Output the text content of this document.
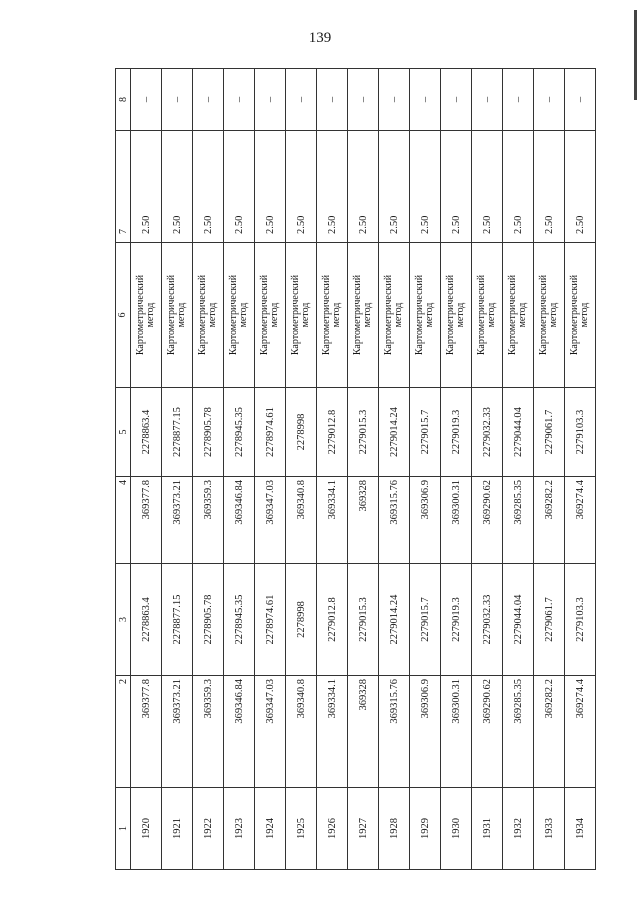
139
1	2	3	4	5	6	7	8
1920	369377.8	2278863.4	369377.8	2278863.4	Картометрический метод	2.50	–
1921	369373.21	2278877.15	369373.21	2278877.15	Картометрический метод	2.50	–
1922	369359.3	2278905.78	369359.3	2278905.78	Картометрический метод	2.50	–
1923	369346.84	2278945.35	369346.84	2278945.35	Картометрический метод	2.50	–
1924	369347.03	2278974.61	369347.03	2278974.61	Картометрический метод	2.50	–
1925	369340.8	2278998	369340.8	2278998	Картометрический метод	2.50	–
1926	369334.1	2279012.8	369334.1	2279012.8	Картометрический метод	2.50	–
1927	369328	2279015.3	369328	2279015.3	Картометрический метод	2.50	–
1928	369315.76	2279014.24	369315.76	2279014.24	Картометрический метод	2.50	–
1929	369306.9	2279015.7	369306.9	2279015.7	Картометрический метод	2.50	–
1930	369300.31	2279019.3	369300.31	2279019.3	Картометрический метод	2.50	–
1931	369290.62	2279032.33	369290.62	2279032.33	Картометрический метод	2.50	–
1932	369285.35	2279044.04	369285.35	2279044.04	Картометрический метод	2.50	–
1933	369282.2	2279061.7	369282.2	2279061.7	Картометрический метод	2.50	–
1934	369274.4	2279103.3	369274.4	2279103.3	Картометрический метод	2.50	–
